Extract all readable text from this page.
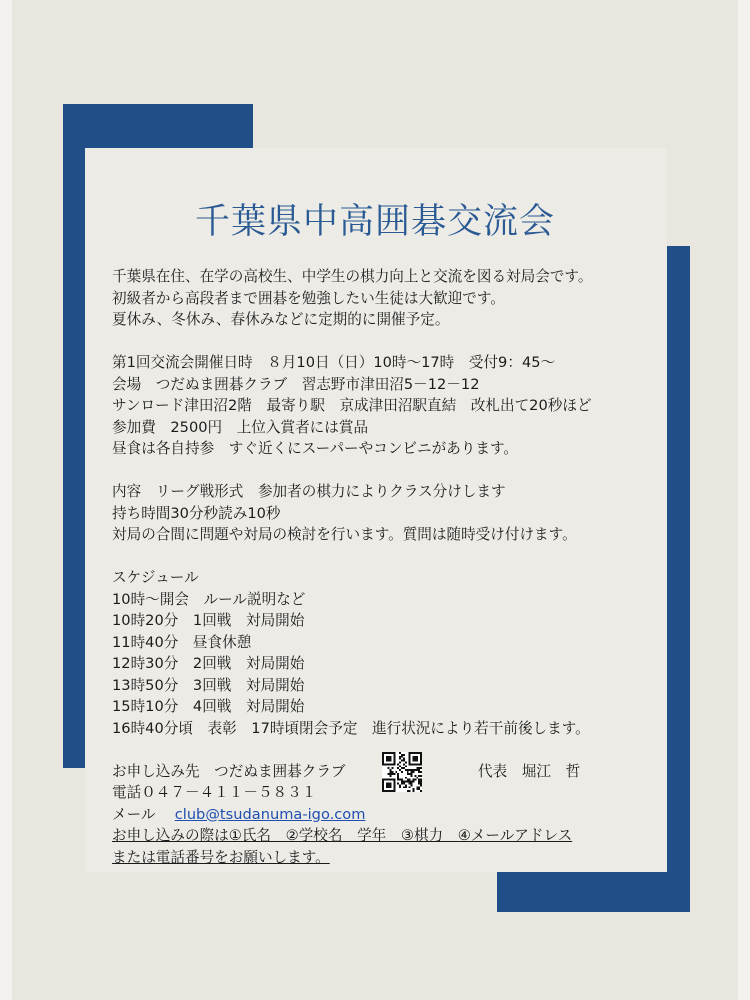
千葉県中高囲碁交流会
千葉県在住、在学の高校生、中学生の棋力向上と交流を図る対局会です。
初級者から高段者まで囲碁を勉強したい生徒は大歓迎です。
夏休み、冬休み、春休みなどに定期的に開催予定。
第1回交流会開催日時　８月10日（日）10時〜17時　受付9：45〜
会場　つだぬま囲碁クラブ　習志野市津田沼5－12－12
サンロード津田沼2階　最寄り駅　京成津田沼駅直結　改札出て20秒ほど
参加費　2500円　上位入賞者には賞品
昼食は各自持参　すぐ近くにスーパーやコンビニがあります。
内容　リーグ戦形式　参加者の棋力によりクラス分けします
持ち時間30分秒読み10秒
対局の合間に問題や対局の検討を行います。質問は随時受け付けます。
スケジュール
10時〜開会　ルール説明など
10時20分　1回戦　対局開始
11時40分　昼食休憩
12時30分　2回戦　対局開始
13時50分　3回戦　対局開始
15時10分　4回戦　対局開始
16時40分頃　表彰　17時頃閉会予定　進行状況により若干前後します。
お申し込み先　つだぬま囲碁クラブ	代表　堀江　哲
電話０４７－４１１－５８３１
メール　 club@tsudanuma-igo.com
お申し込みの際は①氏名　②学校名　学年　③棋力　④メールアドレス
または電話番号をお願いします。
